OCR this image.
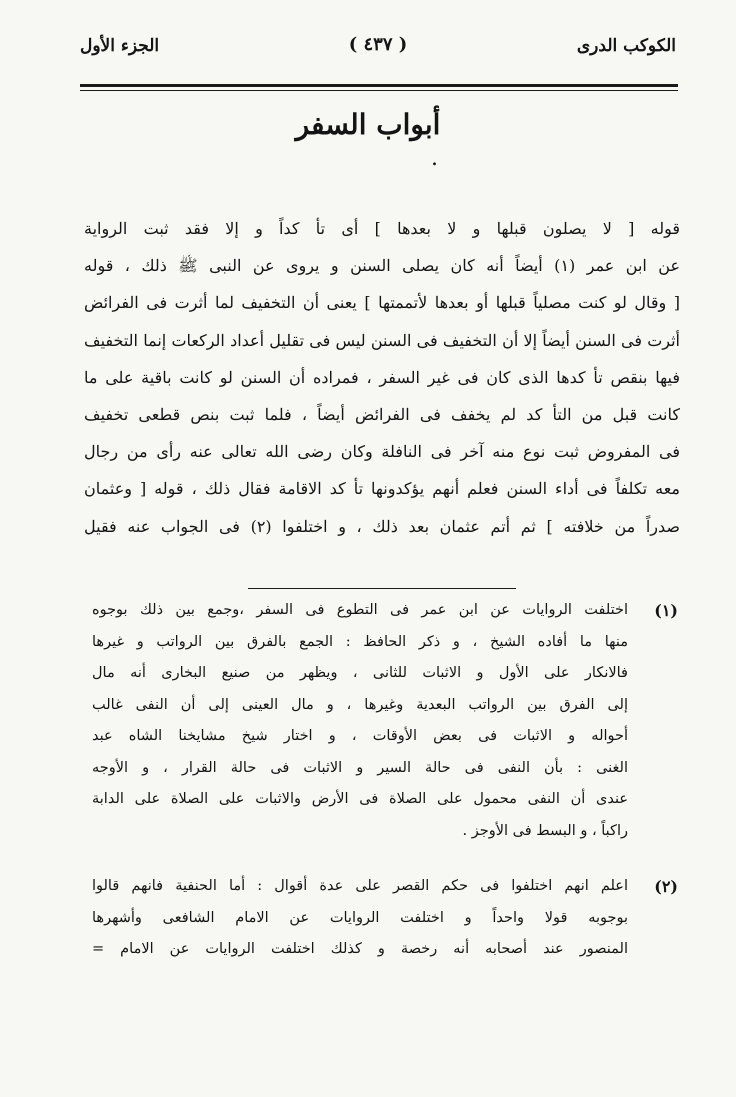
الكوكب الدرى
( ٤٣٧ )
الجزء الأول
أبواب السفر
.
قوله [ لا يصلون قبلها و لا بعدها ] أى تأ كداً و إلا فقد ثبت الرواية
عن ابن عمر (١) أيضاً أنه كان يصلى السنن و يروى عن النبى ﷺ ذلك ، قوله
[ وقال لو كنت مصلياً قبلها أو بعدها لأتممتها ] يعنى أن التخفيف لما أثرت فى الفرائض
أثرت فى السنن أيضاً إلا أن التخفيف فى السنن ليس فى تقليل أعداد الركعات إنما التخفيف
فيها بنقص تأ كدها الذى كان فى غير السفر ، فمراده أن السنن لو كانت باقية على ما
كانت قبل من التأ كد لم يخفف فى الفرائض أيضاً ، فلما ثبت بنص قطعى تخفيف
فى المفروض ثبت نوع منه آخر فى النافلة وكان رضى الله تعالى عنه رأى من رجال
معه تكلفاً فى أداء السنن فعلم أنهم يؤكدونها تأ كد الاقامة فقال ذلك ، قوله [ وعثمان
صدراً من خلافته ] ثم أتم عثمان بعد ذلك ، و اختلفوا (٢) فى الجواب عنه فقيل
(١)
اختلفت الروايات عن ابن عمر فى التطوع فى السفر ،وجمع بين ذلك بوجوه
منها ما أفاده الشيخ ، و ذكر الحافظ : الجمع بالفرق بين الرواتب و غيرها
فالانكار على الأول و الاثبات للثانى ، ويظهر من صنيع البخارى أنه مال
إلى الفرق بين الرواتب البعدية وغيرها ، و مال العينى إلى أن النفى غالب
أحواله و الاثبات فى بعض الأوقات ، و اختار شيخ مشايخنا الشاه عبد
الغنى : بأن النفى فى حالة السير و الاثبات فى حالة القرار ، و الأوجه
عندى أن النفى محمول على الصلاة فى الأرض والاثبات على الصلاة على الدابة
راكباً ، و البسط فى الأوجز .
(٢)
اعلم انهم اختلفوا فى حكم القصر على عدة أقوال : أما الحنفية فانهم قالوا
بوجوبه قولا واحداً و اختلفت الروايات عن الامام الشافعى وأشهرها
المنصور عند أصحابه أنه رخصة و كذلك اختلفت الروايات عن الامام =
